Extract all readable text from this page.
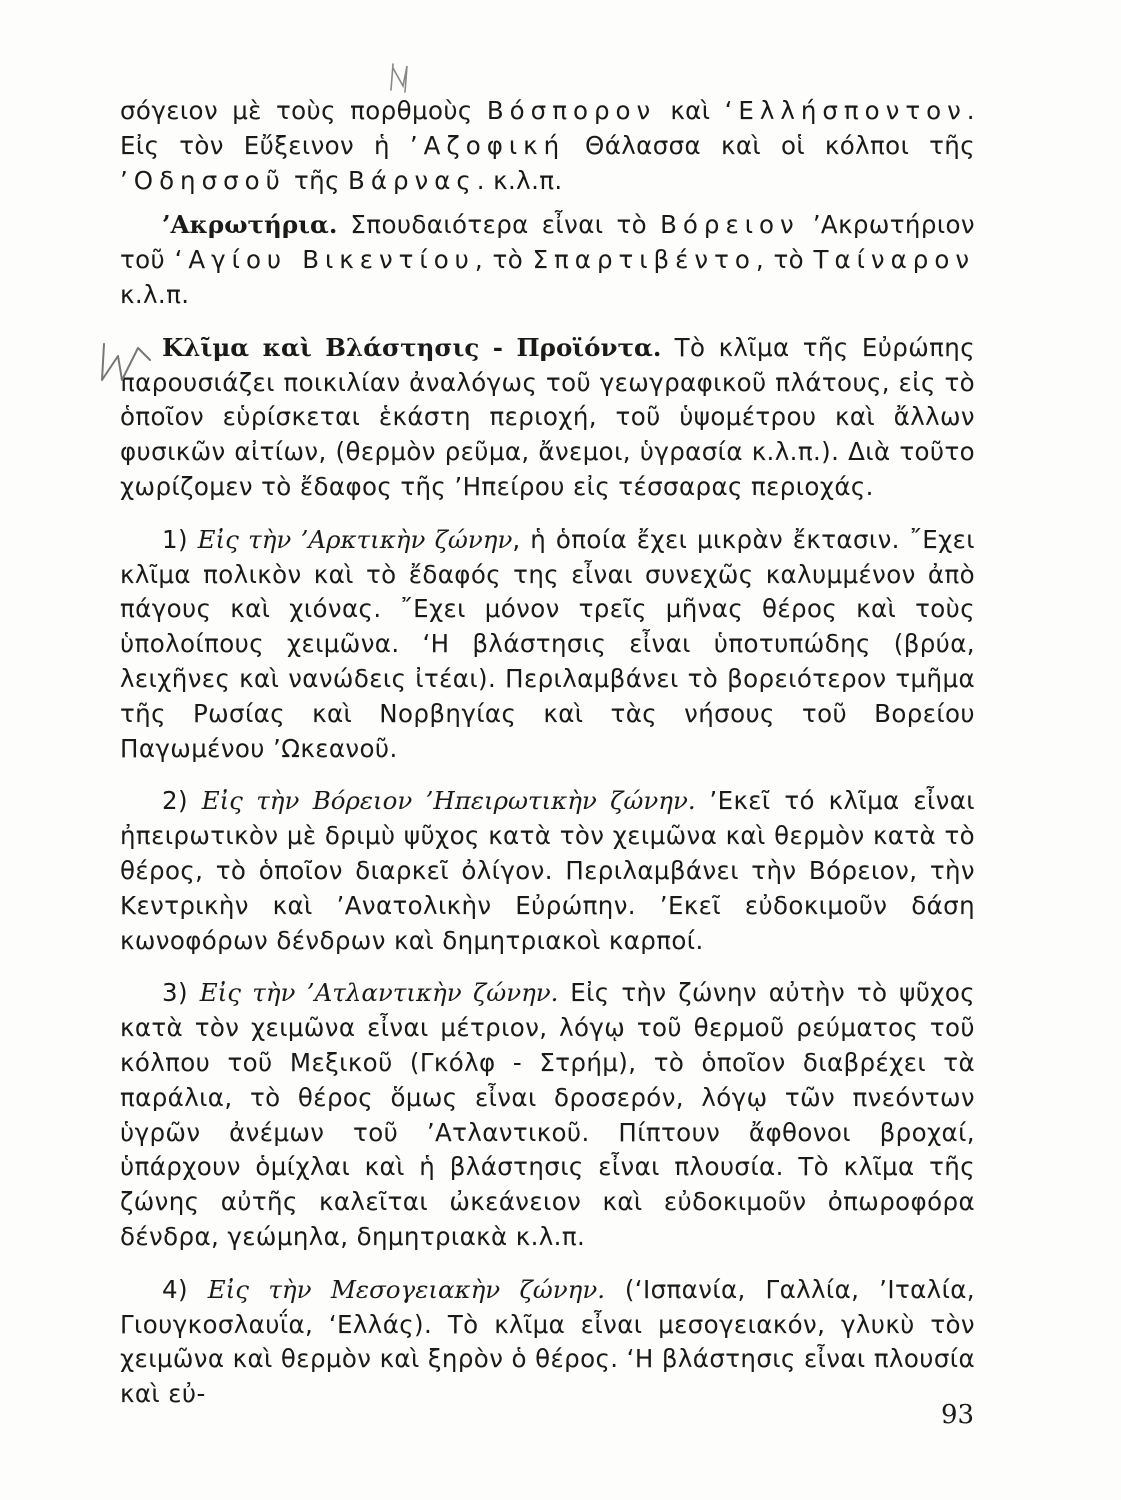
σόγειον μὲ τοὺς πορθμοὺς Βόσπορον καὶ ‘Ελλήσποντον. Εἰς τὸν Εὔξεινον ἡ ’Αζοφική Θάλασσα καὶ οἱ κόλποι τῆς ’Οδησσοῦ τῆς Βάρνας. κ.λ.π.

’Ακρωτήρια. Σπουδαιότερα εἶναι τὸ Βόρειον ’Ακρωτήριον τοῦ ‘Αγίου Βικεντίου, τὸ Σπαρτιβέντο, τὸ Ταίναρον κ.λ.π.

Κλῖμα καὶ Βλάστησις - Προϊόντα. Τὸ κλῖμα τῆς Εὐρώπης παρουσιάζει ποικιλίαν ἀναλόγως τοῦ γεωγραφικοῦ πλάτους, εἰς τὸ ὁποῖον εὑρίσκεται ἑκάστη περιοχή, τοῦ ὑψομέτρου καὶ ἄλλων φυσικῶν αἰτίων, (θερμὸν ρεῦμα, ἄνεμοι, ὑγρασία κ.λ.π.). Διὰ τοῦτο χωρίζομεν τὸ ἔδαφος τῆς ’Ηπείρου εἰς τέσσαρας περιοχάς.

1) Εἰς τὴν ’Αρκτικὴν ζώνην, ἡ ὁποία ἔχει μικρὰν ἔκτασιν. ῎Εχει κλῖμα πολικὸν καὶ τὸ ἔδαφός της εἶναι συνεχῶς καλυμμένον ἀπὸ πάγους καὶ χιόνας. ῎Εχει μόνον τρεῖς μῆνας θέρος καὶ τοὺς ὑπολοίπους χειμῶνα. ‘Η βλάστησις εἶναι ὑποτυπώδης (βρύα, λειχῆνες καὶ νανώδεις ἰτέαι). Περιλαμβάνει τὸ βορειότερον τμῆμα τῆς Ρωσίας καὶ Νορβηγίας καὶ τὰς νήσους τοῦ Βορείου Παγωμένου ’Ωκεανοῦ.

2) Εἰς τὴν Βόρειον ’Ηπειρωτικὴν ζώνην. ’Εκεῖ τό κλῖμα εἶναι ἠπειρωτικὸν μὲ δριμὺ ψῦχος κατὰ τὸν χειμῶνα καὶ θερμὸν κατὰ τὸ θέρος, τὸ ὁποῖον διαρκεῖ ὀλίγον. Περιλαμβάνει τὴν Βόρειον, τὴν Κεντρικὴν καὶ ’Ανατολικὴν Εὐρώπην. ’Εκεῖ εὐδοκιμοῦν δάση κωνοφόρων δένδρων καὶ δημητριακοὶ καρποί.

3) Εἰς τὴν ’Ατλαντικὴν ζώνην. Εἰς τὴν ζώνην αὐτὴν τὸ ψῦχος κατὰ τὸν χειμῶνα εἶναι μέτριον, λόγῳ τοῦ θερμοῦ ρεύματος τοῦ κόλπου τοῦ Μεξικοῦ (Γκόλφ - Στρήμ), τὸ ὁποῖον διαβρέχει τὰ παράλια, τὸ θέρος ὅμως εἶναι δροσερόν, λόγῳ τῶν πνεόντων ὑγρῶν ἀνέμων τοῦ ’Ατλαντικοῦ. Πίπτουν ἄφθονοι βροχαί, ὑπάρχουν ὁμίχλαι καὶ ἡ βλάστησις εἶναι πλουσία. Τὸ κλῖμα τῆς ζώνης αὐτῆς καλεῖται ὠκεάνειον καὶ εὐδοκιμοῦν ὀπωροφόρα δένδρα, γεώμηλα, δημητριακὰ κ.λ.π.

4) Εἰς τὴν Μεσογειακὴν ζώνην. (‘Ισπανία, Γαλλία, ’Ιταλία, Γιουγκοσλαυΐα, ‘Ελλάς). Τὸ κλῖμα εἶναι μεσογειακόν, γλυκὺ τὸν χειμῶνα καὶ θερμὸν καὶ ξηρὸν ὁ θέρος. ‘Η βλάστησις εἶναι πλουσία καὶ εὐ-

93
